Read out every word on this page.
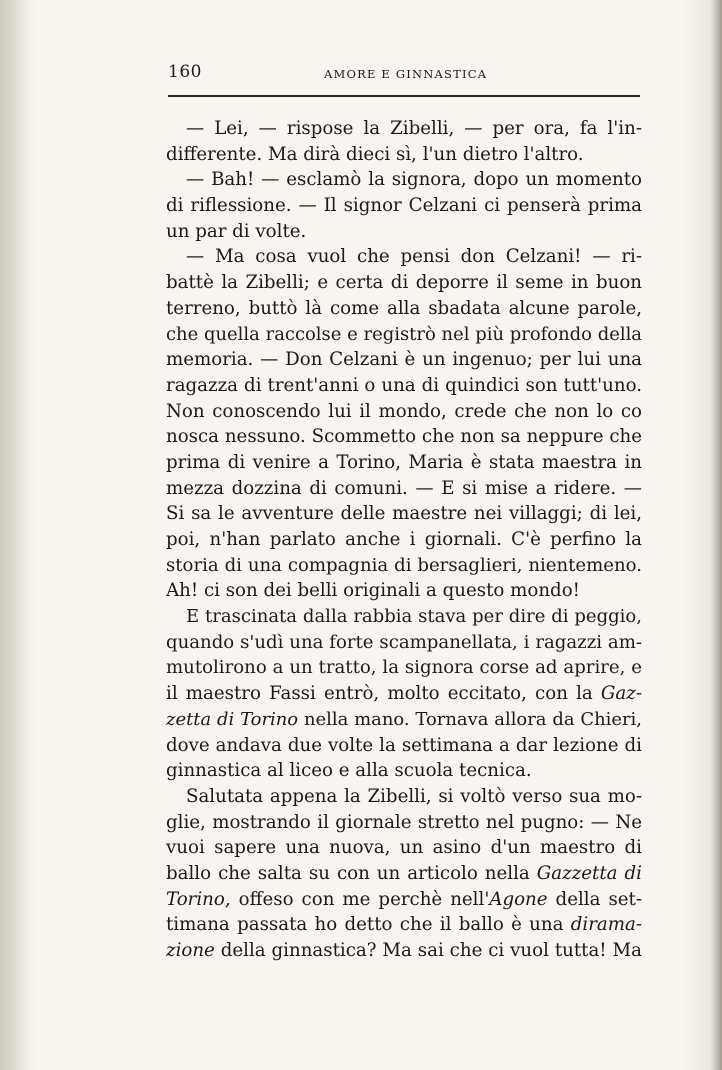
160	AMORE E GINNASTICA
— Lei, — rispose la Zibelli, — per ora, fa l'in-
differente. Ma dirà dieci sì, l'un dietro l'altro.
— Bah! — esclamò la signora, dopo un momento
di riflessione. — Il signor Celzani ci penserà prima
un par di volte.
— Ma cosa vuol che pensi don Celzani! — ri-
battè la Zibelli; e certa di deporre il seme in buon
terreno, buttò là come alla sbadata alcune parole,
che quella raccolse e registrò nel più profondo della
memoria. — Don Celzani è un ingenuo; per lui una
ragazza di trent'anni o una di quindici son tutt'uno.
Non conoscendo lui il mondo, crede che non lo co
nosca nessuno. Scommetto che non sa neppure che
prima di venire a Torino, Maria è stata maestra in
mezza dozzina di comuni. — E si mise a ridere. —
Si sa le avventure delle maestre nei villaggi; di lei,
poi, n'han parlato anche i giornali. C'è perfino la
storia di una compagnia di bersaglieri, nientemeno.
Ah! ci son dei belli originali a questo mondo!
E trascinata dalla rabbia stava per dire di peggio,
quando s'udì una forte scampanellata, i ragazzi am-
mutolirono a un tratto, la signora corse ad aprire, e
il maestro Fassi entrò, molto eccitato, con la Gaz-
zetta di Torino nella mano. Tornava allora da Chieri,
dove andava due volte la settimana a dar lezione di
ginnastica al liceo e alla scuola tecnica.
Salutata appena la Zibelli, si voltò verso sua mo-
glie, mostrando il giornale stretto nel pugno: — Ne
vuoi sapere una nuova, un asino d'un maestro di
ballo che salta su con un articolo nella Gazzetta di
Torino, offeso con me perchè nell'Agone della set-
timana passata ho detto che il ballo è una dirama-
zione della ginnastica? Ma sai che ci vuol tutta! Ma
